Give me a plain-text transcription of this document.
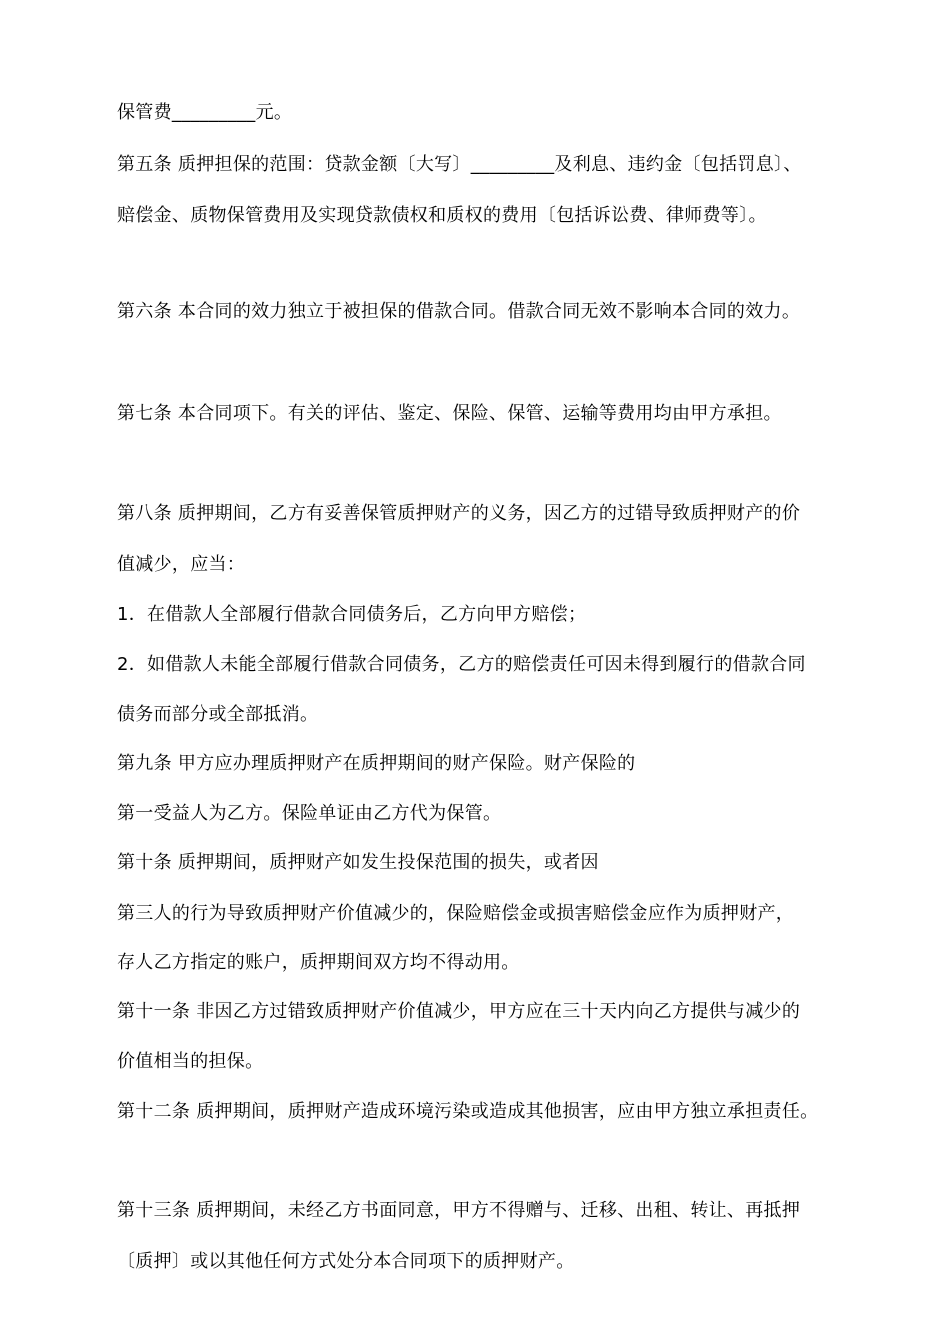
保管费_________元。
第五条 质押担保的范围：贷款金额〔大写〕_________及利息、违约金〔包括罚息〕、
赔偿金、质物保管费用及实现贷款债权和质权的费用〔包括诉讼费、律师费等〕。
第六条 本合同的效力独立于被担保的借款合同。借款合同无效不影响本合同的效力。
第七条 本合同项下。有关的评估、鉴定、保险、保管、运输等费用均由甲方承担。
第八条 质押期间，乙方有妥善保管质押财产的义务，因乙方的过错导致质押财产的价
值减少，应当：
1．在借款人全部履行借款合同债务后，乙方向甲方赔偿；
2．如借款人未能全部履行借款合同债务，乙方的赔偿责任可因未得到履行的借款合同
债务而部分或全部抵消。
第九条 甲方应办理质押财产在质押期间的财产保险。财产保险的
第一受益人为乙方。保险单证由乙方代为保管。
第十条 质押期间，质押财产如发生投保范围的损失，或者因
第三人的行为导致质押财产价值减少的，保险赔偿金或损害赔偿金应作为质押财产，
存人乙方指定的账户，质押期间双方均不得动用。
第十一条 非因乙方过错致质押财产价值减少，甲方应在三十天内向乙方提供与减少的
价值相当的担保。
第十二条 质押期间，质押财产造成环境污染或造成其他损害，应由甲方独立承担责任。
第十三条 质押期间，未经乙方书面同意，甲方不得赠与、迁移、出租、转让、再抵押
〔质押〕或以其他任何方式处分本合同项下的质押财产。
